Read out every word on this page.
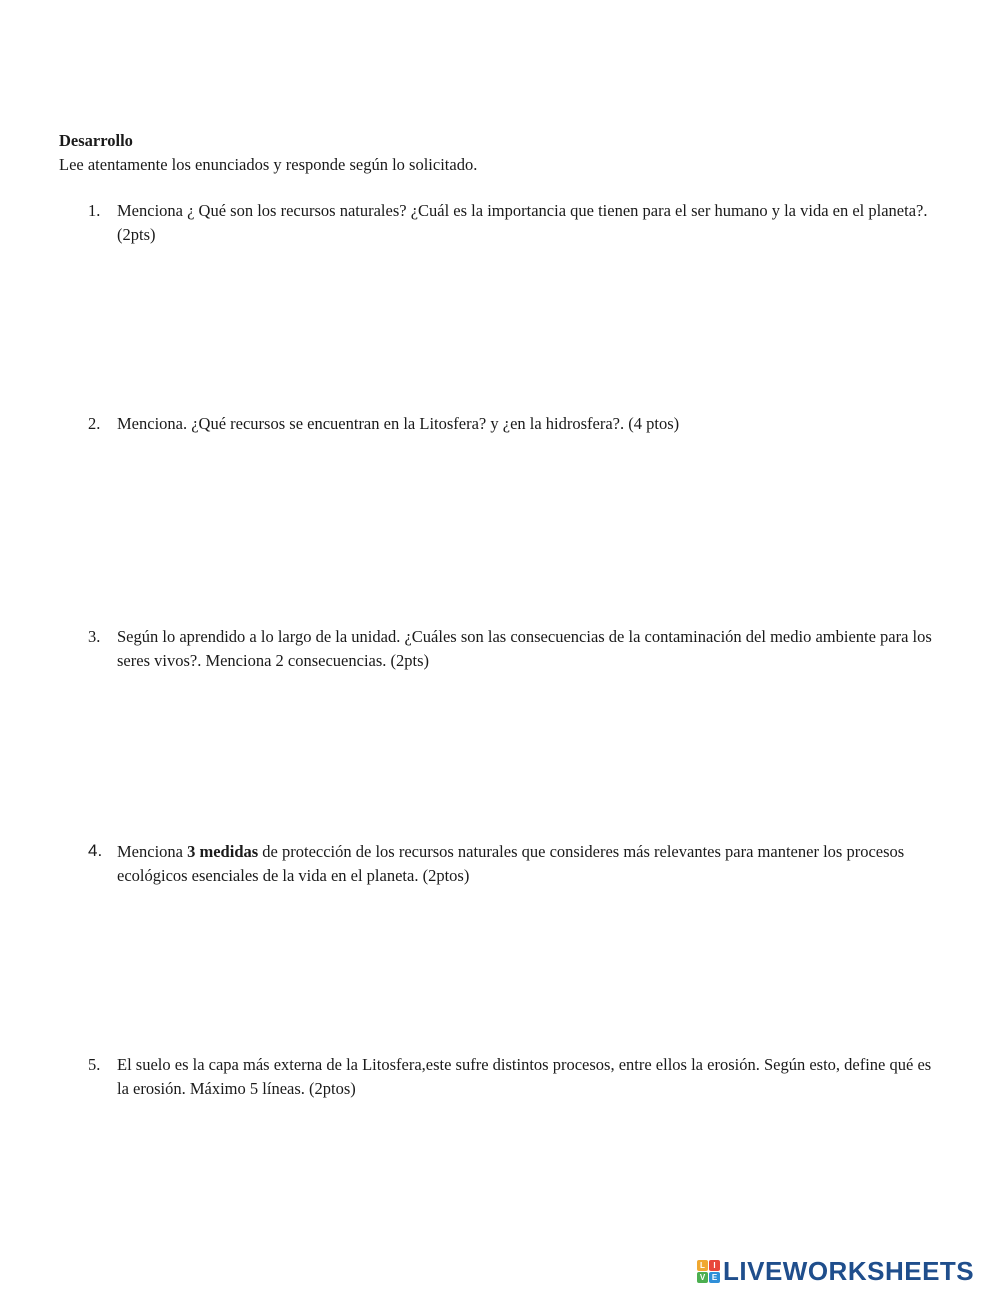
Desarrollo

Lee atentamente los enunciados y responde según lo solicitado.

1. Menciona ¿ Qué son los recursos naturales? ¿Cuál es la importancia que tienen para el ser humano y la vida en el planeta?. (2pts)
2. Menciona. ¿Qué recursos se encuentran en la Litosfera? y ¿en la hidrosfera?. (4 ptos)
3. Según lo aprendido a lo largo de la unidad. ¿Cuáles son las consecuencias de la contaminación del medio ambiente para los seres vivos?. Menciona 2 consecuencias. (2pts)
4. Menciona 3 medidas de protección de los recursos naturales que consideres más relevantes para mantener los procesos ecológicos esenciales de la vida en el planeta. (2ptos)
5. El suelo es la capa más externa de la Litosfera,este sufre distintos procesos, entre ellos la erosión. Según esto, define qué es la erosión. Máximo 5 líneas. (2ptos)
L	I
V E LIVEWORKSHEETS
